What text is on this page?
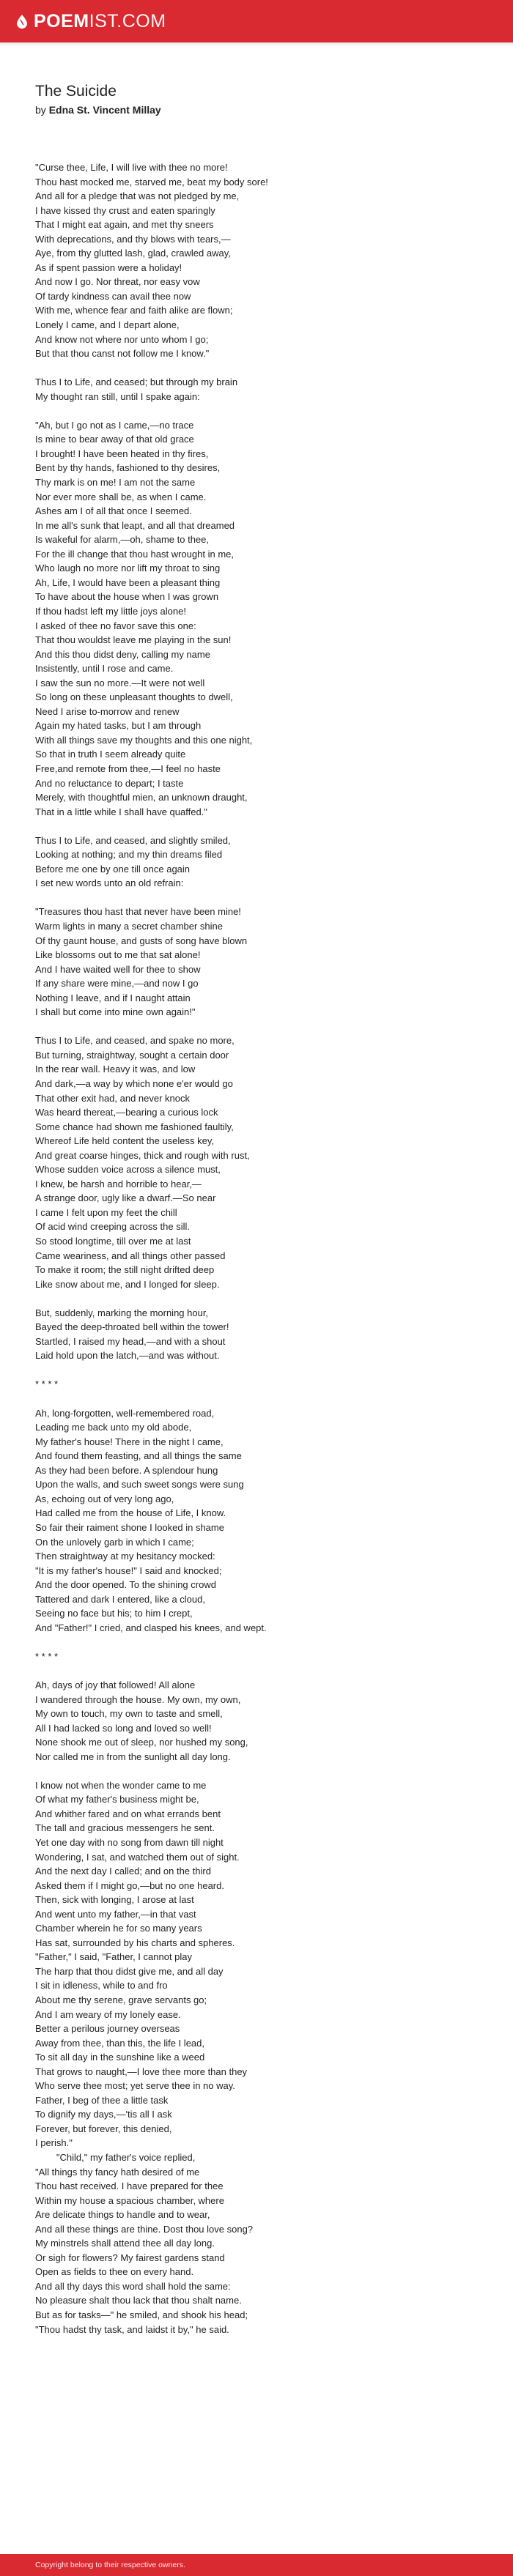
POEMIST.COM
The Suicide
by Edna St. Vincent Millay
"Curse thee, Life, I will live with thee no more!
Thou hast mocked me, starved me, beat my body sore!
And all for a pledge that was not pledged by me,
I have kissed thy crust and eaten sparingly
That I might eat again, and met thy sneers
With deprecations, and thy blows with tears,—
Aye, from thy glutted lash, glad, crawled away,
As if spent passion were a holiday!
And now I go. Nor threat, nor easy vow
Of tardy kindness can avail thee now
With me, whence fear and faith alike are flown;
Lonely I came, and I depart alone,
And know not where nor unto whom I go;
But that thou canst not follow me I know."
Thus I to Life, and ceased; but through my brain
My thought ran still, until I spake again:
"Ah, but I go not as I came,—no trace
Is mine to bear away of that old grace
I brought! I have been heated in thy fires,
Bent by thy hands, fashioned to thy desires,
Thy mark is on me! I am not the same
Nor ever more shall be, as when I came.
Ashes am I of all that once I seemed.
In me all's sunk that leapt, and all that dreamed
Is wakeful for alarm,—oh, shame to thee,
For the ill change that thou hast wrought in me,
Who laugh no more nor lift my throat to sing
Ah, Life, I would have been a pleasant thing
To have about the house when I was grown
If thou hadst left my little joys alone!
I asked of thee no favor save this one:
That thou wouldst leave me playing in the sun!
And this thou didst deny, calling my name
Insistently, until I rose and came.
I saw the sun no more.—It were not well
So long on these unpleasant thoughts to dwell,
Need I arise to-morrow and renew
Again my hated tasks, but I am through
With all things save my thoughts and this one night,
So that in truth I seem already quite
Free,and remote from thee,—I feel no haste
And no reluctance to depart; I taste
Merely, with thoughtful mien, an unknown draught,
That in a little while I shall have quaffed."
Thus I to Life, and ceased, and slightly smiled,
Looking at nothing; and my thin dreams filed
Before me one by one till once again
I set new words unto an old refrain:
"Treasures thou hast that never have been mine!
Warm lights in many a secret chamber shine
Of thy gaunt house, and gusts of song have blown
Like blossoms out to me that sat alone!
And I have waited well for thee to show
If any share were mine,—and now I go
Nothing I leave, and if I naught attain
I shall but come into mine own again!"
Thus I to Life, and ceased, and spake no more,
But turning, straightway, sought a certain door
In the rear wall. Heavy it was, and low
And dark,—a way by which none e'er would go
That other exit had, and never knock
Was heard thereat,—bearing a curious lock
Some chance had shown me fashioned faultily,
Whereof Life held content the useless key,
And great coarse hinges, thick and rough with rust,
Whose sudden voice across a silence must,
I knew, be harsh and horrible to hear,—
A strange door, ugly like a dwarf.—So near
I came I felt upon my feet the chill
Of acid wind creeping across the sill.
So stood longtime, till over me at last
Came weariness, and all things other passed
To make it room; the still night drifted deep
Like snow about me, and I longed for sleep.
But, suddenly, marking the morning hour,
Bayed the deep-throated bell within the tower!
Startled, I raised my head,—and with a shout
Laid hold upon the latch,—and was without.
* * * *
Ah, long-forgotten, well-remembered road,
Leading me back unto my old abode,
My father's house! There in the night I came,
And found them feasting, and all things the same
As they had been before. A splendour hung
Upon the walls, and such sweet songs were sung
As, echoing out of very long ago,
Had called me from the house of Life, I know.
So fair their raiment shone I looked in shame
On the unlovely garb in which I came;
Then straightway at my hesitancy mocked:
"It is my father's house!" I said and knocked;
And the door opened. To the shining crowd
Tattered and dark I entered, like a cloud,
Seeing no face but his; to him I crept,
And "Father!" I cried, and clasped his knees, and wept.
* * * *
Ah, days of joy that followed! All alone
I wandered through the house. My own, my own,
My own to touch, my own to taste and smell,
All I had lacked so long and loved so well!
None shook me out of sleep, nor hushed my song,
Nor called me in from the sunlight all day long.
I know not when the wonder came to me
Of what my father's business might be,
And whither fared and on what errands bent
The tall and gracious messengers he sent.
Yet one day with no song from dawn till night
Wondering, I sat, and watched them out of sight.
And the next day I called; and on the third
Asked them if I might go,—but no one heard.
Then, sick with longing, I arose at last
And went unto my father,—in that vast
Chamber wherein he for so many years
Has sat, surrounded by his charts and spheres.
"Father," I said, "Father, I cannot play
The harp that thou didst give me, and all day
I sit in idleness, while to and fro
About me thy serene, grave servants go;
And I am weary of my lonely ease.
Better a perilous journey overseas
Away from thee, than this, the life I lead,
To sit all day in the sunshine like a weed
That grows to naught,—I love thee more than they
Who serve thee most; yet serve thee in no way.
Father, I beg of thee a little task
To dignify my days,—'tis all I ask
Forever, but forever, this denied,
I perish."
"Child," my father's voice replied,
"All things thy fancy hath desired of me
Thou hast received. I have prepared for thee
Within my house a spacious chamber, where
Are delicate things to handle and to wear,
And all these things are thine. Dost thou love song?
My minstrels shall attend thee all day long.
Or sigh for flowers? My fairest gardens stand
Open as fields to thee on every hand.
And all thy days this word shall hold the same:
No pleasure shalt thou lack that thou shalt name.
But as for tasks—" he smiled, and shook his head;
"Thou hadst thy task, and laidst it by," he said.
Copyright belong to their respective owners.
